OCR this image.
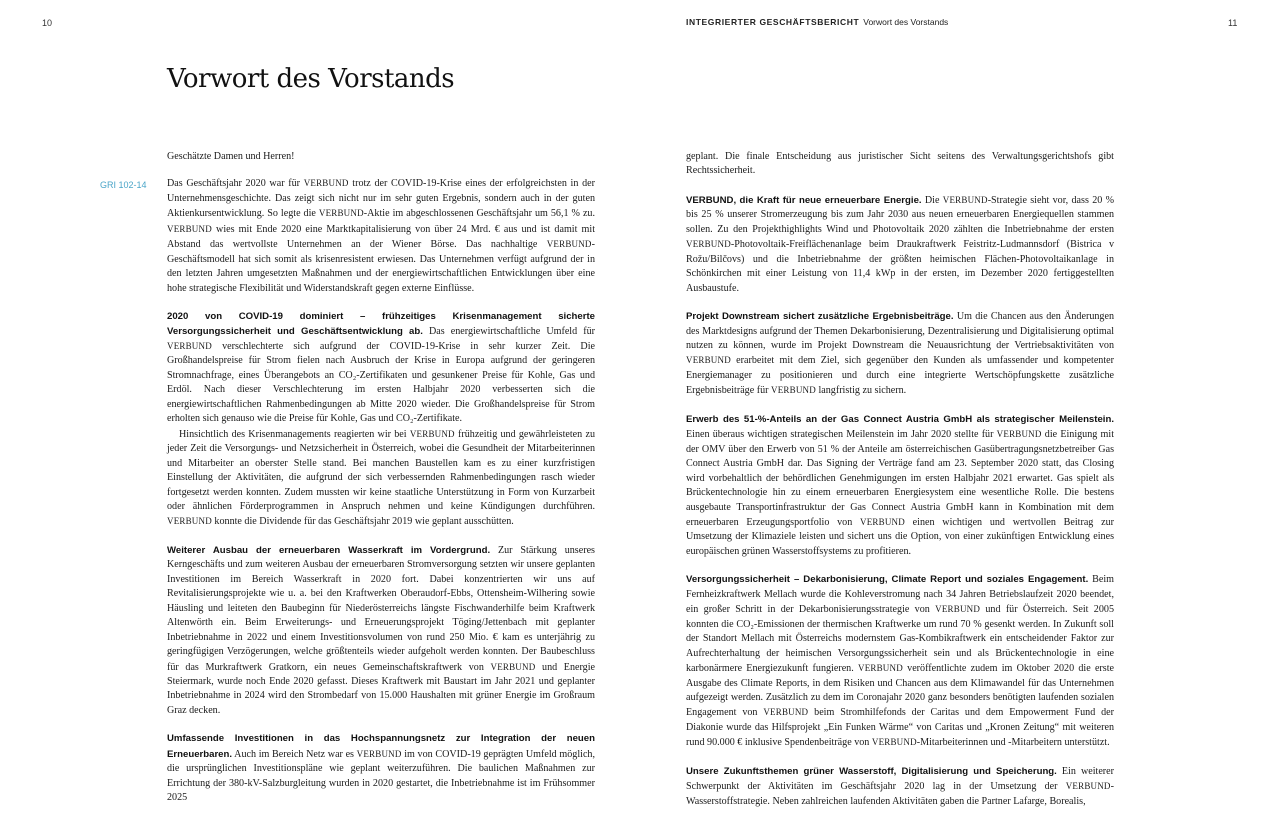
10	11
INTEGRIERTER GESCHÄFTSBERICHT Vorwort des Vorstands
Vorwort des Vorstands
GRI 102-14

Geschätzte Damen und Herren!

Das Geschäftsjahr 2020 war für VERBUND trotz der COVID-19-Krise eines der erfolgreichsten in der Unternehmensgeschichte. Das zeigt sich nicht nur im sehr guten Ergebnis, sondern auch in der guten Aktienkursentwicklung. So legte die VERBUND-Aktie im abgeschlossenen Geschäftsjahr um 56,1 % zu. VERBUND wies mit Ende 2020 eine Marktkapitalisierung von über 24 Mrd. € aus und ist damit mit Abstand das wertvollste Unternehmen an der Wiener Börse. Das nachhaltige VERBUND-Geschäftsmodell hat sich somit als krisenresistent erwiesen. Das Unternehmen verfügt aufgrund der in den letzten Jahren umgesetzten Maßnahmen und der energiewirtschaftlichen Entwicklungen über eine hohe strategische Flexibilität und Widerstandskraft gegen externe Einflüsse.

2020 von COVID-19 dominiert – frühzeitiges Krisenmanagement sicherte Versorgungssicherheit und Geschäftsentwicklung ab. Das energiewirtschaftliche Umfeld für VERBUND verschlechterte sich aufgrund der COVID-19-Krise in sehr kurzer Zeit. Die Großhandelspreise für Strom fielen nach Ausbruch der Krise in Europa aufgrund der geringeren Stromnachfrage, eines Überangebots an CO₂-Zertifikaten und gesunkener Preise für Kohle, Gas und Erdöl. Nach dieser Verschlechterung im ersten Halbjahr 2020 verbesserten sich die energiewirtschaftlichen Rahmenbedingungen ab Mitte 2020 wieder. Die Großhandelspreise für Strom erholten sich genauso wie die Preise für Kohle, Gas und CO₂-Zertifikate.

Hinsichtlich des Krisenmanagements reagierten wir bei VERBUND frühzeitig und gewährleisteten zu jeder Zeit die Versorgungs- und Netzsicherheit in Österreich, wobei die Gesundheit der Mitarbeiterinnen und Mitarbeiter an oberster Stelle stand. Bei manchen Baustellen kam es zu einer kurzfristigen Einstellung der Aktivitäten, die aufgrund der sich verbessernden Rahmenbedingungen rasch wieder fortgesetzt werden konnten. Zudem mussten wir keine staatliche Unterstützung in Form von Kurzarbeit oder ähnlichen Förderprogrammen in Anspruch nehmen und keine Kündigungen durchführen. VERBUND konnte die Dividende für das Geschäftsjahr 2019 wie geplant ausschütten.

Weiterer Ausbau der erneuerbaren Wasserkraft im Vordergrund. Zur Stärkung unseres Kerngeschäfts und zum weiteren Ausbau der erneuerbaren Stromversorgung setzten wir unsere geplanten Investitionen im Bereich Wasserkraft in 2020 fort. Dabei konzentrierten wir uns auf Revitalisierungsprojekte wie u. a. bei den Kraftwerken Oberaudorf-Ebbs, Ottensheim-Wilhering sowie Häusling und leiteten den Baubeginn für Niederösterreichs längste Fischwanderhilfe beim Kraftwerk Altenwörth ein. Beim Erweiterungs- und Erneuerungsprojekt Töging/Jettenbach mit geplanter Inbetriebnahme in 2022 und einem Investitionsvolumen von rund 250 Mio. € kam es unterjährig zu geringfügigen Verzögerungen, welche größtenteils wieder aufgeholt werden konnten. Der Baubeschluss für das Murkraftwerk Gratkorn, ein neues Gemeinschaftskraftwerk von VERBUND und Energie Steiermark, wurde noch Ende 2020 gefasst. Dieses Kraftwerk mit Baustart im Jahr 2021 und geplanter Inbetriebnahme in 2024 wird den Strombedarf von 15.000 Haushalten mit grüner Energie im Großraum Graz decken.

Umfassende Investitionen in das Hochspannungsnetz zur Integration der neuen Erneuerbaren. Auch im Bereich Netz war es VERBUND im von COVID-19 geprägten Umfeld möglich, die ursprünglichen Investitionspläne wie geplant weiterzuführen. Die baulichen Maßnahmen zur Errichtung der 380-kV-Salzburgleitung wurden in 2020 gestartet, die Inbetriebnahme ist im Frühsommer 2025

geplant. Die finale Entscheidung aus juristischer Sicht seitens des Verwaltungsgerichtshofs gibt Rechtssicherheit.

VERBUND, die Kraft für neue erneuerbare Energie. Die VERBUND-Strategie sieht vor, dass 20 % bis 25 % unserer Stromerzeugung bis zum Jahr 2030 aus neuen erneuerbaren Energiequellen stammen sollen. Zu den Projekthighlights Wind und Photovoltaik 2020 zählten die Inbetriebnahme der ersten VERBUND-Photovoltaik-Freiflächenanlage beim Draukraftwerk Feistritz-Ludmannsdorf (Bistrica v Rožu/Bilčovs) und die Inbetriebnahme der größten heimischen Flächen-Photovoltaikanlage in Schönkirchen mit einer Leistung von 11,4 kWp in der ersten, im Dezember 2020 fertiggestellten Ausbaustufe.

Projekt Downstream sichert zusätzliche Ergebnisbeiträge. Um die Chancen aus den Änderungen des Marktdesigns aufgrund der Themen Dekarbonisierung, Dezentralisierung und Digitalisierung optimal nutzen zu können, wurde im Projekt Downstream die Neuausrichtung der Vertriebsaktivitäten von VERBUND erarbeitet mit dem Ziel, sich gegenüber den Kunden als umfassender und kompetenter Energiemanager zu positionieren und durch eine integrierte Wertschöpfungskette zusätzliche Ergebnisbeiträge für VERBUND langfristig zu sichern.

Erwerb des 51-%-Anteils an der Gas Connect Austria GmbH als strategischer Meilenstein. Einen überaus wichtigen strategischen Meilenstein im Jahr 2020 stellte für VERBUND die Einigung mit der OMV über den Erwerb von 51 % der Anteile am österreichischen Gasübertragungsnetzbetreiber Gas Connect Austria GmbH dar. Das Signing der Verträge fand am 23. September 2020 statt, das Closing wird vorbehaltlich der behördlichen Genehmigungen im ersten Halbjahr 2021 erwartet. Gas spielt als Brückentechnologie hin zu einem erneuerbaren Energiesystem eine wesentliche Rolle. Die bestens ausgebaute Transportinfrastruktur der Gas Connect Austria GmbH kann in Kombination mit dem erneuerbaren Erzeugungsportfolio von VERBUND einen wichtigen und wertvollen Beitrag zur Umsetzung der Klimaziele leisten und sichert uns die Option, von einer zukünftigen Entwicklung eines europäischen grünen Wasserstoffsystems zu profitieren.

Versorgungssicherheit – Dekarbonisierung, Climate Report und soziales Engagement. Beim Fernheizkraftwerk Mellach wurde die Kohleverstromung nach 34 Jahren Betriebslaufzeit 2020 beendet, ein großer Schritt in der Dekarbonisierungsstrategie von VERBUND und für Österreich. Seit 2005 konnten die CO₂-Emissionen der thermischen Kraftwerke um rund 70 % gesenkt werden. In Zukunft soll der Standort Mellach mit Österreichs modernstem Gas-Kombikraftwerk ein entscheidender Faktor zur Aufrechterhaltung der heimischen Versorgungssicherheit sein und als Brückentechnologie in eine karbonärmere Energiezukunft fungieren. VERBUND veröffentlichte zudem im Oktober 2020 die erste Ausgabe des Climate Reports, in dem Risiken und Chancen aus dem Klimawandel für das Unternehmen aufgezeigt werden. Zusätzlich zu dem im Coronajahr 2020 ganz besonders benötigten laufenden sozialen Engagement von VERBUND beim Stromhilfefonds der Caritas und dem Empowerment Fund der Diakonie wurde das Hilfsprojekt „Ein Funken Wärme“ von Caritas und „Kronen Zeitung“ mit weiteren rund 90.000 € inklusive Spendenbeiträge von VERBUND-Mitarbeiterinnen und -Mitarbeitern unterstützt.

Unsere Zukunftsthemen grüner Wasserstoff, Digitalisierung und Speicherung. Ein weiterer Schwerpunkt der Aktivitäten im Geschäftsjahr 2020 lag in der Umsetzung der VERBUND-Wasserstoffstrategie. Neben zahlreichen laufenden Aktivitäten gaben die Partner Lafarge, Borealis,
